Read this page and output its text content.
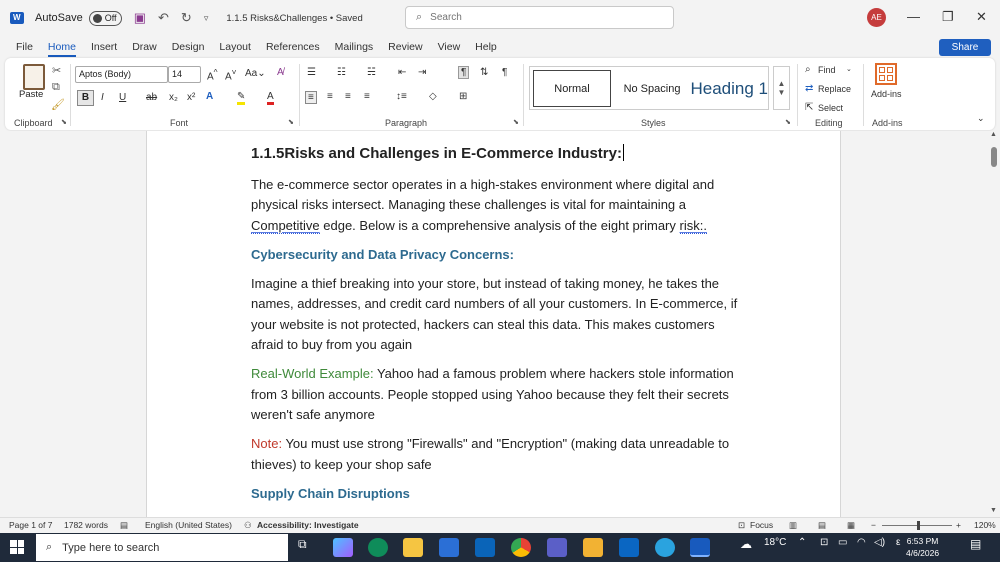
W
AutoSave Off ▣ ↶ ↻ ▿ 1.1.5 Risks&Challenges • Saved	⌕
Search	AE	— ❐ ✕
File Home Insert Draw Design Layout References Mailings Review View Help	Share
Paste
✂
⧉
🖌
Clipboard ⬊
Aptos (Body)	14	A^ A˅ Aa⌄ A̸
B	I U ab x₂ x² A ✎ A
Font	⬊
☰ ☷ ☵ ⇤ ⇥	¶	⇅ ¶
≡	≡ ≡ ≡	↕≡ ◇ ⊞
Paragraph	⬊
Normal	No Spacing Heading 1	▲
▼
Styles	⬊
⌕ Find ⌄
⇄ Replace
⇱ Select
Editing
Add-ins
Add-ins	⌄
1.1.5Risks and Challenges in E-Commerce Industry:

The e-commerce sector operates in a high-stakes environment where digital and physical risks intersect. Managing these challenges is vital for maintaining a Competitive edge. Below is a comprehensive analysis of the eight primary risk:.

Cybersecurity and Data Privacy Concerns:

Imagine a thief breaking into your store, but instead of taking money, he takes the names, addresses, and credit card numbers of all your customers. In E-commerce, if your website is not protected, hackers can steal this data. This makes customers afraid to buy from you again

Real-World Example: Yahoo had a famous problem where hackers stole information from 3 billion accounts. People stopped using Yahoo because they felt their secrets weren't safe anymore

Note: You must use strong "Firewalls" and "Encryption" (making data unreadable to thieves) to keep your shop safe

Supply Chain Disruptions

▲
▼
Page 1 of 7 1782 words ▤ English (United States) ⚇ Accessibility: Investigate	⊡ Focus ▥ ▤ ▦ −	+ 120%
⌕ Type here to search	⧉	☁ 18°C ⌃ ⊡ ▭ ◠ ◁) ε 6:53 PM
4/6/2026
▤
